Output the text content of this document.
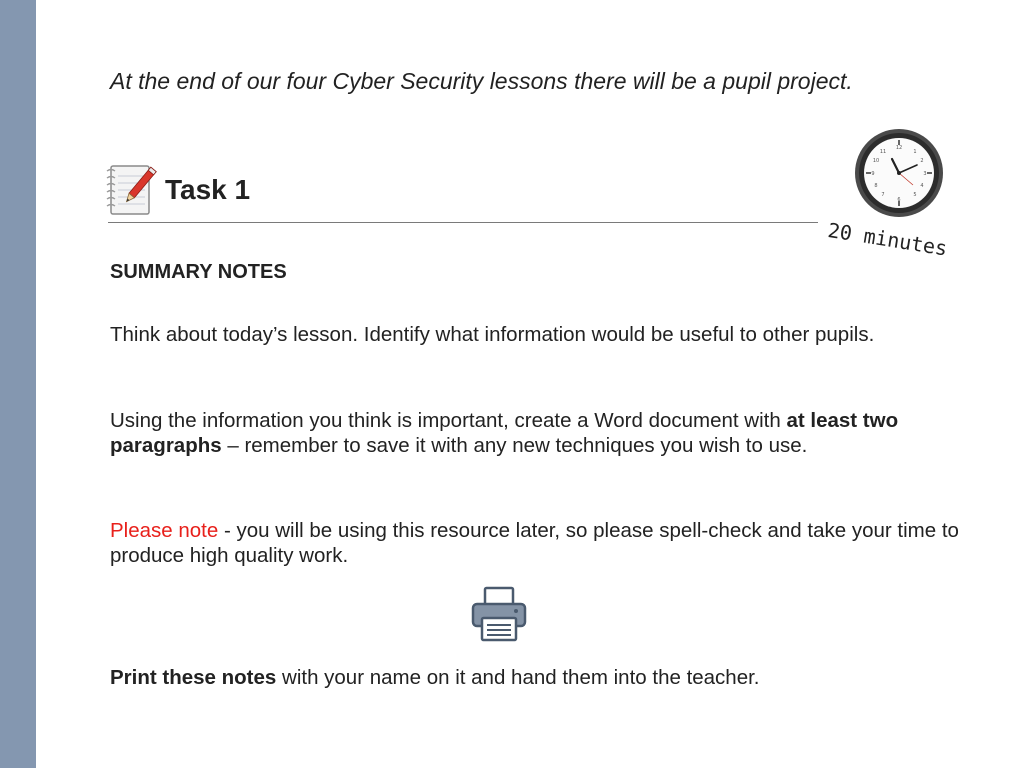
At the end of our four Cyber Security lessons there will be a pupil project.
Task 1
12
1
2
3
4
5
6
7
8
9
10
11
20 minutes
SUMMARY NOTES
Think about today’s lesson. Identify what information would be useful to other pupils.
Using the information you think is important, create a Word document with at least two paragraphs – remember to save it with any new techniques you wish to use.
Please note - you will be using this resource later, so please spell-check and take your time to produce high quality work.
Print these notes with your name on it and hand them into the teacher.
